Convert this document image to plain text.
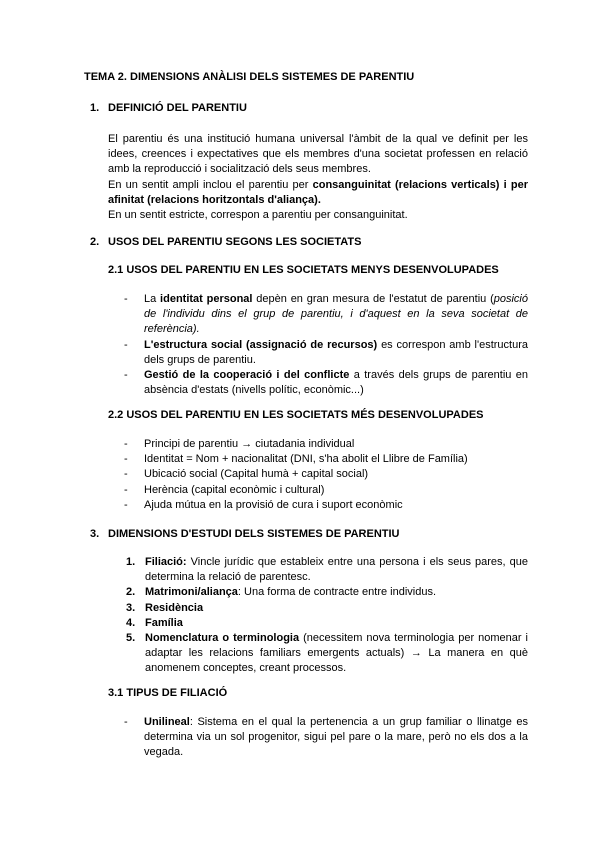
TEMA 2. DIMENSIONS ANÀLISI DELS SISTEMES DE PARENTIU
1. DEFINICIÓ DEL PARENTIU

El parentiu és una institució humana universal l'àmbit de la qual ve definit per les idees, creences i expectatives que els membres d'una societat professen en relació amb la reproducció i socialització dels seus membres.

En un sentit ampli inclou el parentiu per consanguinitat (relacions verticals) i per afinitat (relacions horitzontals d'aliança).

En un sentit estricte, correspon a parentiu per consanguinitat.

2. USOS DEL PARENTIU SEGONS LES SOCIETATS
2.1 USOS DEL PARENTIU EN LES SOCIETATS MENYS DESENVOLUPADES
- La identitat personal depèn en gran mesura de l'estatut de parentiu (posició de l'individu dins el grup de parentiu, i d'aquest en la seva societat de referència).
- L'estructura social (assignació de recursos) es correspon amb l'estructura dels grups de parentiu.
- Gestió de la cooperació i del conflicte a través dels grups de parentiu en absència d'estats (nivells polític, econòmic...)
2.2 USOS DEL PARENTIU EN LES SOCIETATS MÉS DESENVOLUPADES
- Principi de parentiu → ciutadania individual
- Identitat = Nom + nacionalitat (DNI, s'ha abolit el Llibre de Família)
- Ubicació social (Capital humà + capital social)
- Herència (capital econòmic i cultural)
- Ajuda mútua en la provisió de cura i suport econòmic
3. DIMENSIONS D'ESTUDI DELS SISTEMES DE PARENTIU
1. Filiació: Vincle jurídic que estableix entre una persona i els seus pares, que determina la relació de parentesc.
2. Matrimoni/aliança: Una forma de contracte entre individus.
3. Residència
4. Família
5. Nomenclatura o terminologia (necessitem nova terminologia per nomenar i adaptar les relacions familiars emergents actuals) → La manera en què anomenem conceptes, creant processos.
3.1 TIPUS DE FILIACIÓ
- Unilineal: Sistema en el qual la pertenencia a un grup familiar o llinatge es determina via un sol progenitor, sigui pel pare o la mare, però no els dos a la vegada.
